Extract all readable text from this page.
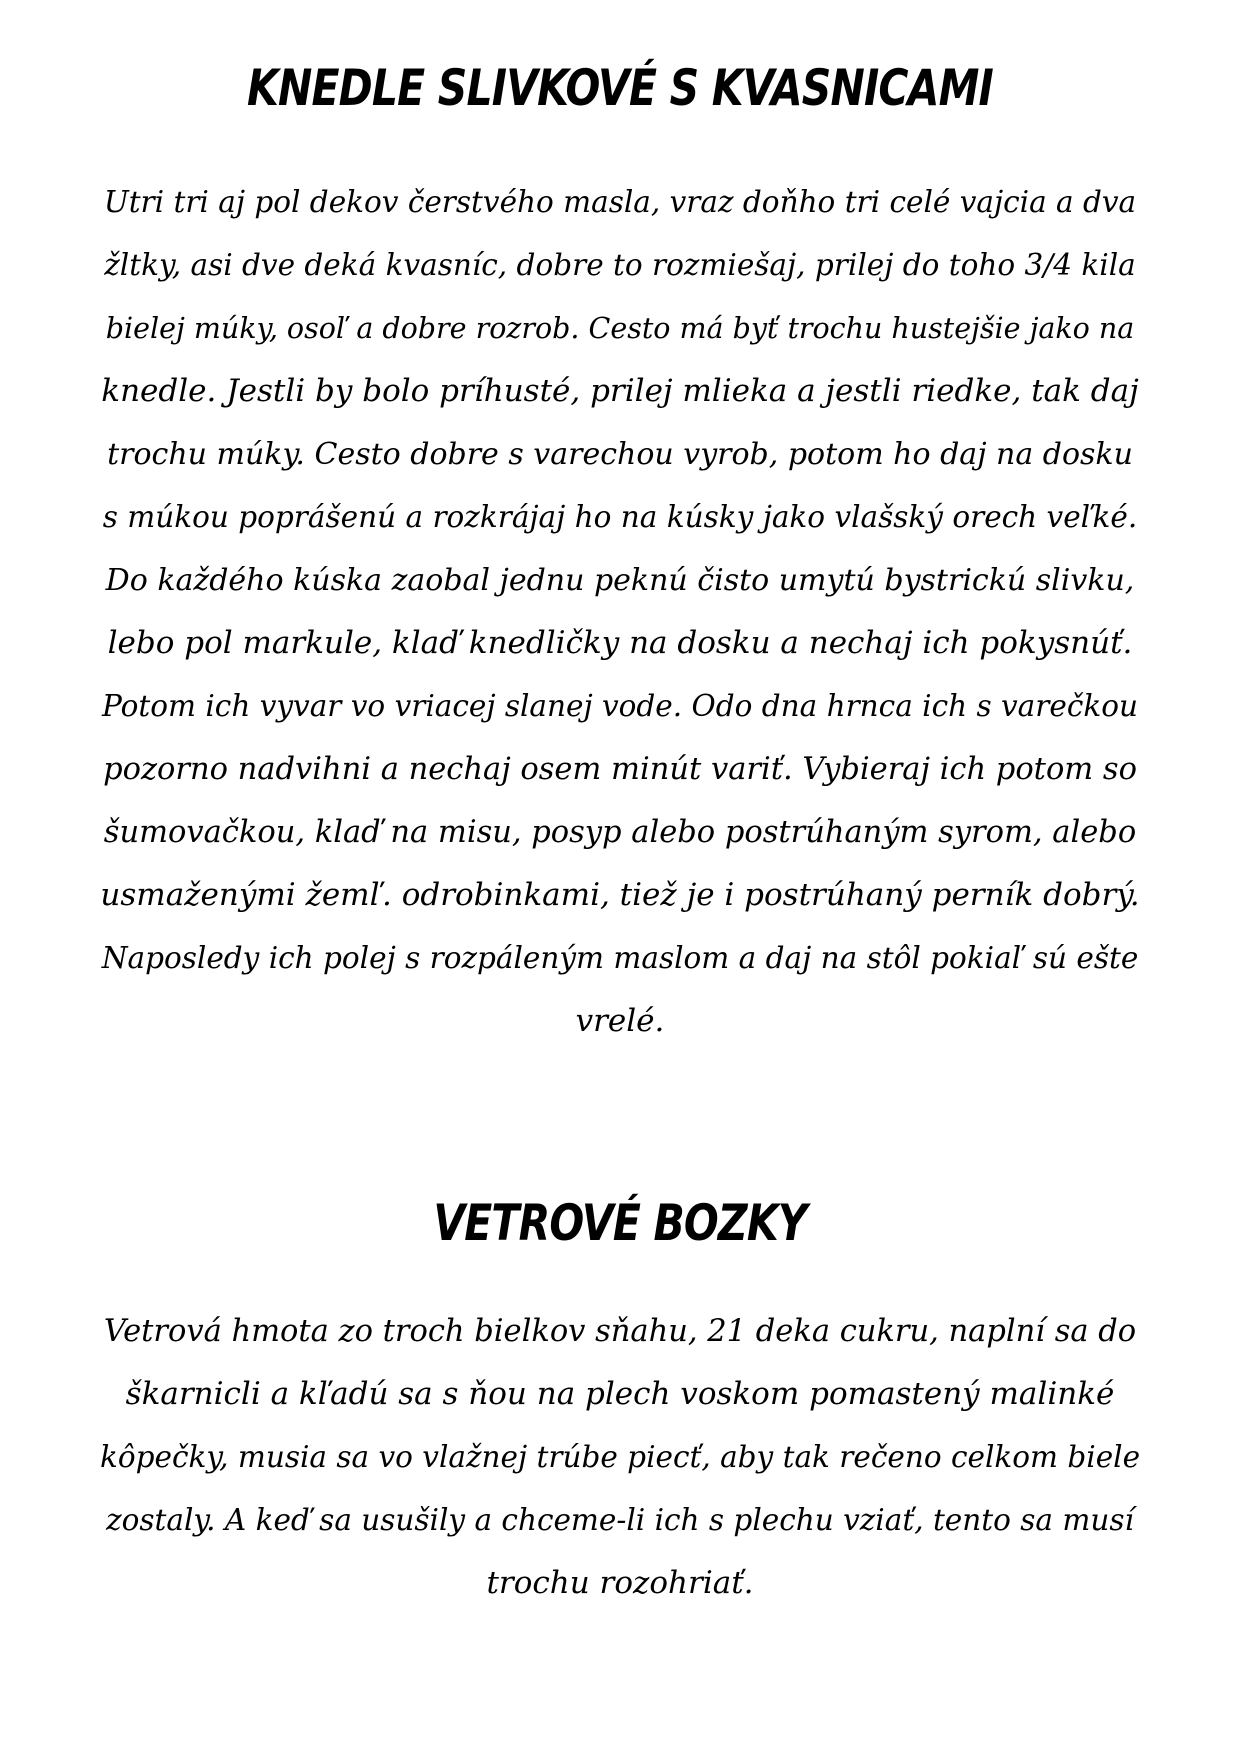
KNEDLE SLIVKOVÉ S KVASNICAMI
Utri tri aj pol dekov čerstvého masla, vraz doňho tri celé vajcia a dva
žltky, asi dve deká kvasníc, dobre to rozmiešaj, prilej do toho 3/4 kila
bielej múky, osoľ a dobre rozrob. Cesto má byť trochu hustejšie jako na
knedle. Jestli by bolo príhusté, prilej mlieka a jestli riedke, tak daj
trochu múky. Cesto dobre s varechou vyrob, potom ho daj na dosku
s múkou poprášenú a rozkrájaj ho na kúsky jako vlašský orech veľké.
Do každého kúska zaobal jednu peknú čisto umytú bystrickú slivku,
lebo pol markule, klaď knedličky na dosku a nechaj ich pokysnúť.
Potom ich vyvar vo vriacej slanej vode. Odo dna hrnca ich s varečkou
pozorno nadvihni a nechaj osem minút variť. Vybieraj ich potom so
šumovačkou, klaď na misu, posyp alebo postrúhaným syrom, alebo
usmaženými žemľ. odrobinkami, tiež je i postrúhaný perník dobrý.
Naposledy ich polej s rozpáleným maslom a daj na stôl pokiaľ sú ešte
vrelé.
VETROVÉ BOZKY
Vetrová hmota zo troch bielkov sňahu, 21 deka cukru, naplní sa do
škarnicli a kľadú sa s ňou na plech voskom pomastený malinké
kôpečky, musia sa vo vlažnej trúbe piecť, aby tak rečeno celkom biele
zostaly. A keď sa usušily a chceme-li ich s plechu vziať, tento sa musí
trochu rozohriať.
